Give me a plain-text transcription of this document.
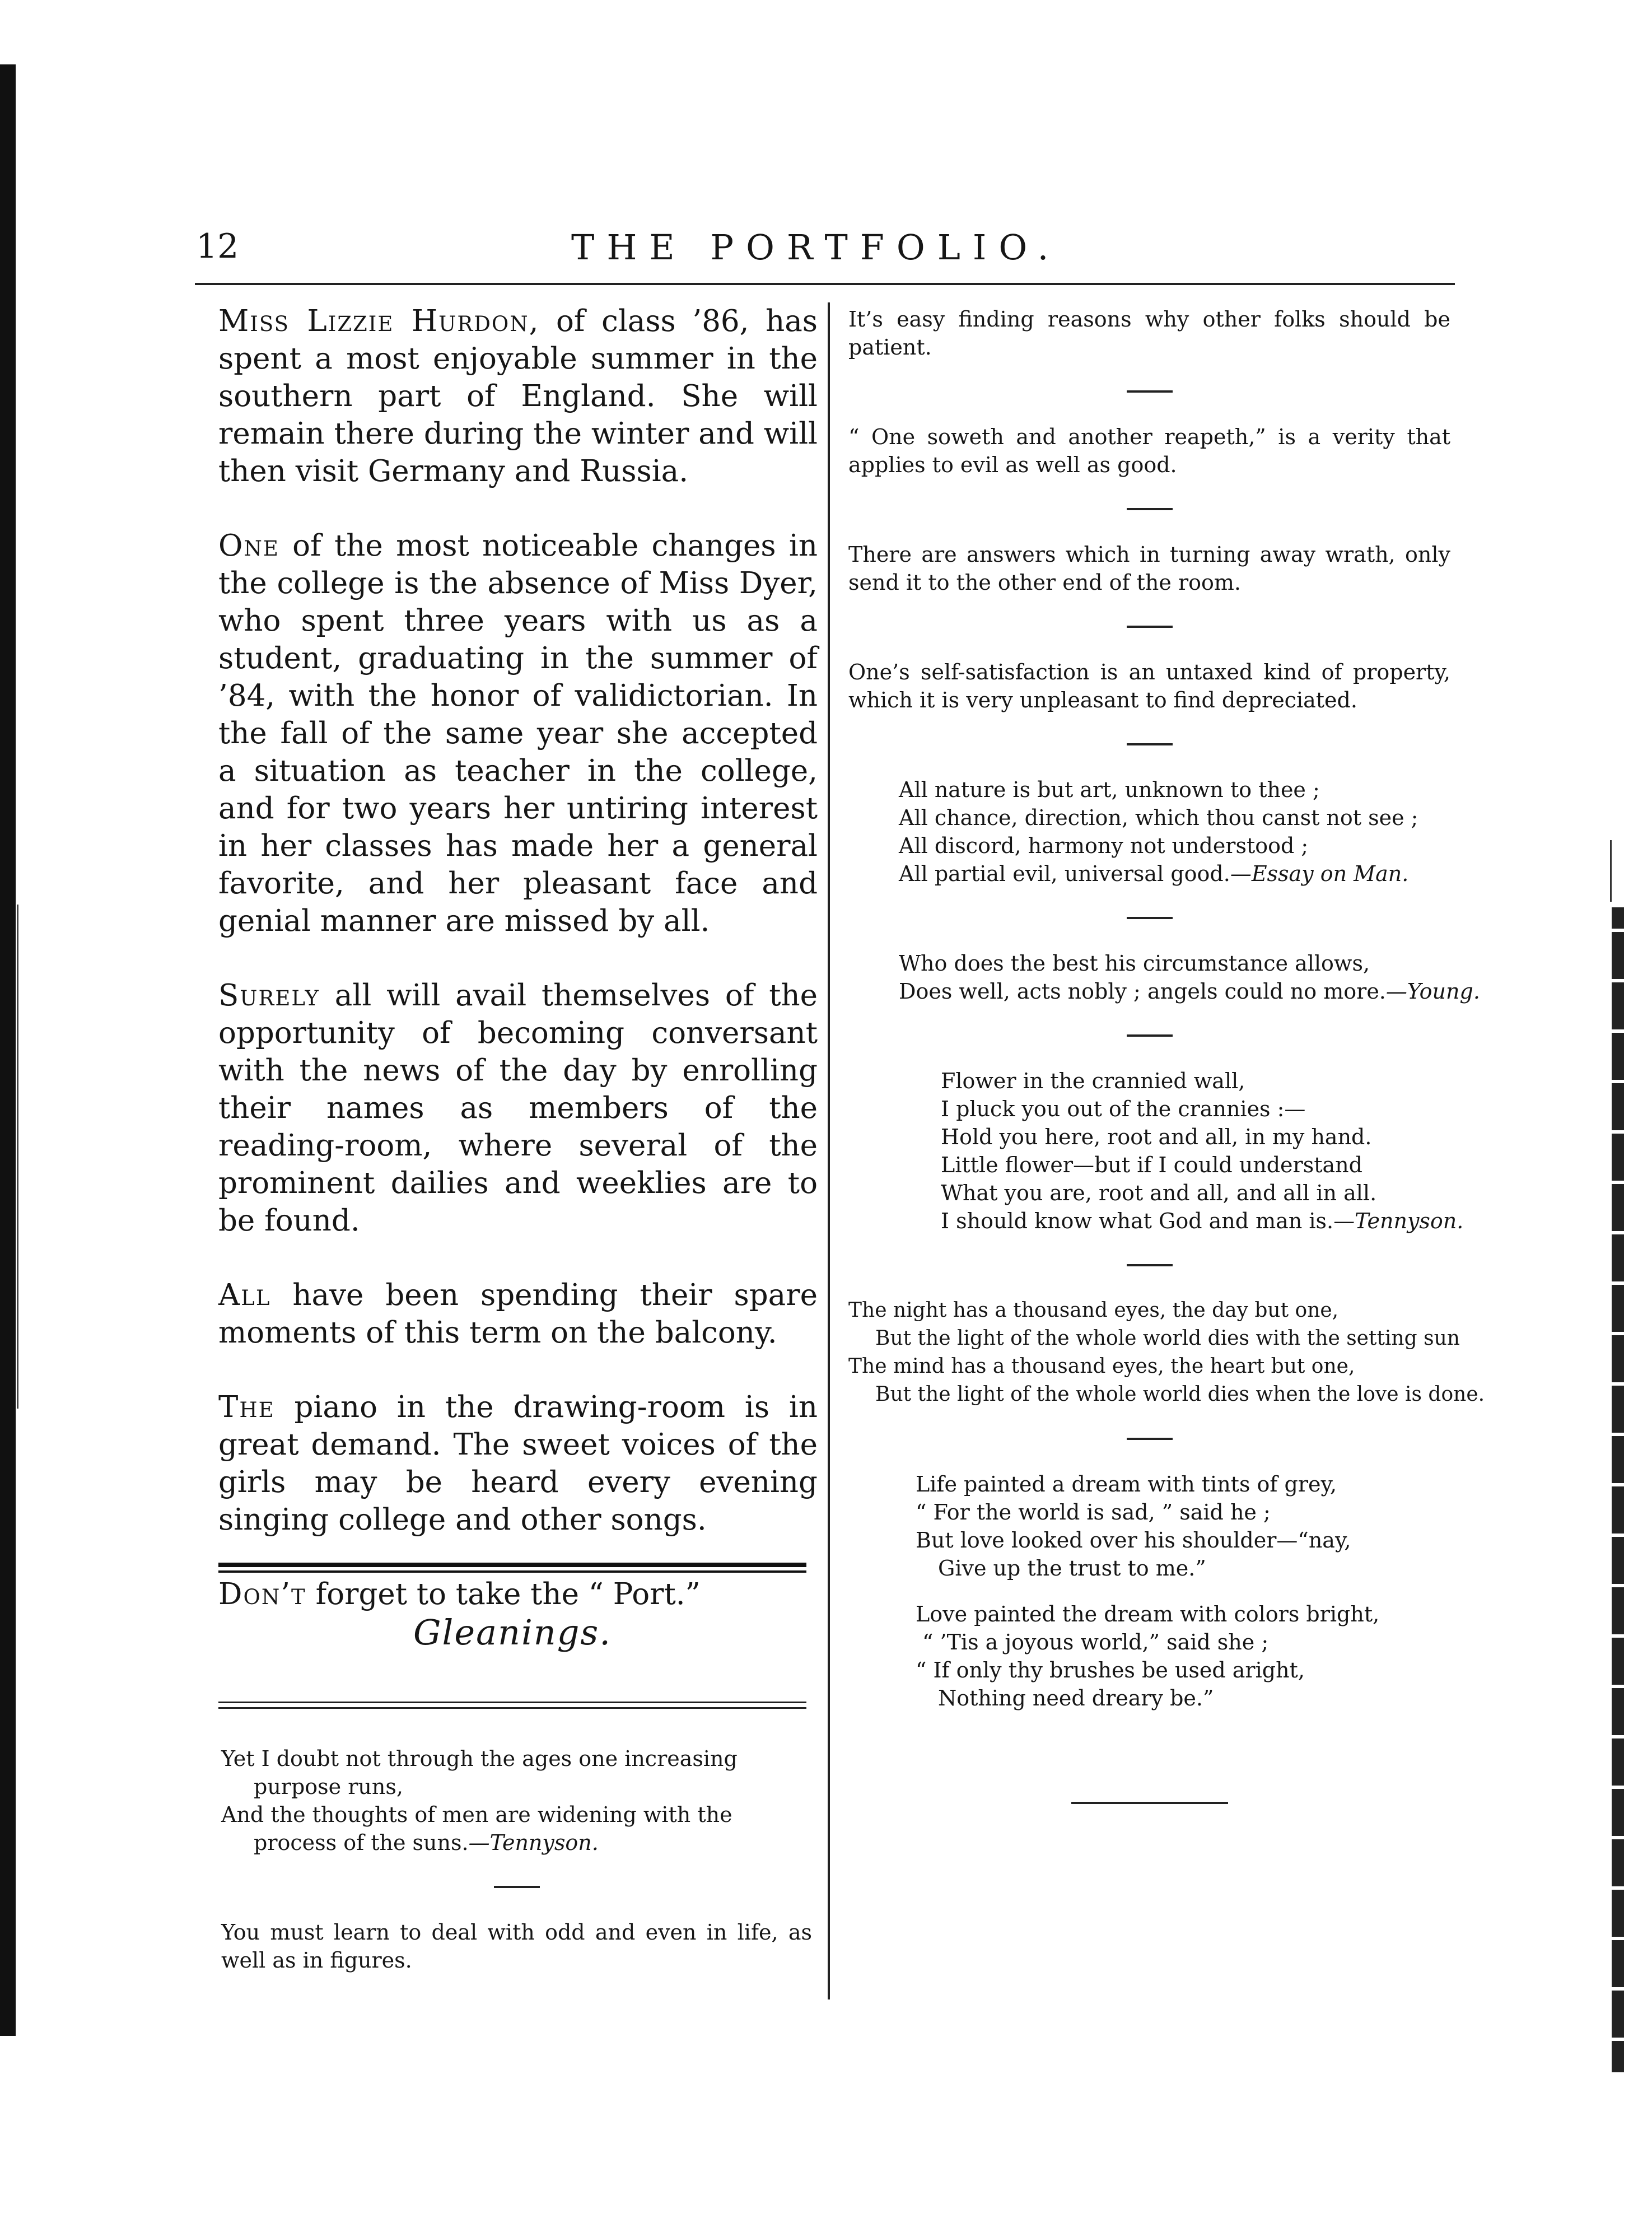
12	THE PORTFOLIO.

Miss Lizzie Hurdon, of class ’86, has spent a most enjoyable summer in the southern part of England. She will remain there during the winter and will then visit Germany and Russia.

One of the most noticeable changes in the college is the absence of Miss Dyer, who spent three years with us as a student, graduating in the summer of ’84, with the honor of validictorian. In the fall of the same year she accepted a situation as teacher in the college, and for two years her untiring interest in her classes has made her a general favorite, and her pleasant face and genial manner are missed by all.

Surely all will avail themselves of the opportunity of becoming conversant with the news of the day by enrolling their names as members of the reading-room, where several of the prominent dailies and weeklies are to be found.

All have been spending their spare moments of this term on the balcony.

The piano in the drawing-room is in great demand. The sweet voices of the girls may be heard every evening singing college and other songs.

Don’t forget to take the “ Port.”

Gleanings.
Yet I doubt not through the ages one increasing purpose runs,
And the thoughts of men are widening with the process of the suns.—Tennyson.

You must learn to deal with odd and even in life, as well as in figures.

It’s easy finding reasons why other folks should be patient.

“ One soweth and another reapeth,” is a verity that applies to evil as well as good.

There are answers which in turning away wrath, only send it to the other end of the room.

One’s self-satisfaction is an untaxed kind of property, which it is very unpleasant to find depreciated.

All nature is but art, unknown to thee ;
All chance, direction, which thou canst not see ;
All discord, harmony not understood ;
All partial evil, universal good.—Essay on Man.
Who does the best his circumstance allows,
Does well, acts nobly ; angels could no more.—Young.
Flower in the crannied wall,
I pluck you out of the crannies :—
Hold you here, root and all, in my hand.
Little flower—but if I could understand
What you are, root and all, and all in all.
I should know what God and man is.—Tennyson.
The night has a thousand eyes, the day but one,
But the light of the whole world dies with the setting sun
The mind has a thousand eyes, the heart but one,
But the light of the whole world dies when the love is done.
Life painted a dream with tints of grey,
“ For the world is sad, ” said he ;
But love looked over his shoulder—“nay,
Give up the trust to me.”
Love painted the dream with colors bright,
“ ’Tis a joyous world,” said she ;
“ If only thy brushes be used aright,
Nothing need dreary be.”
